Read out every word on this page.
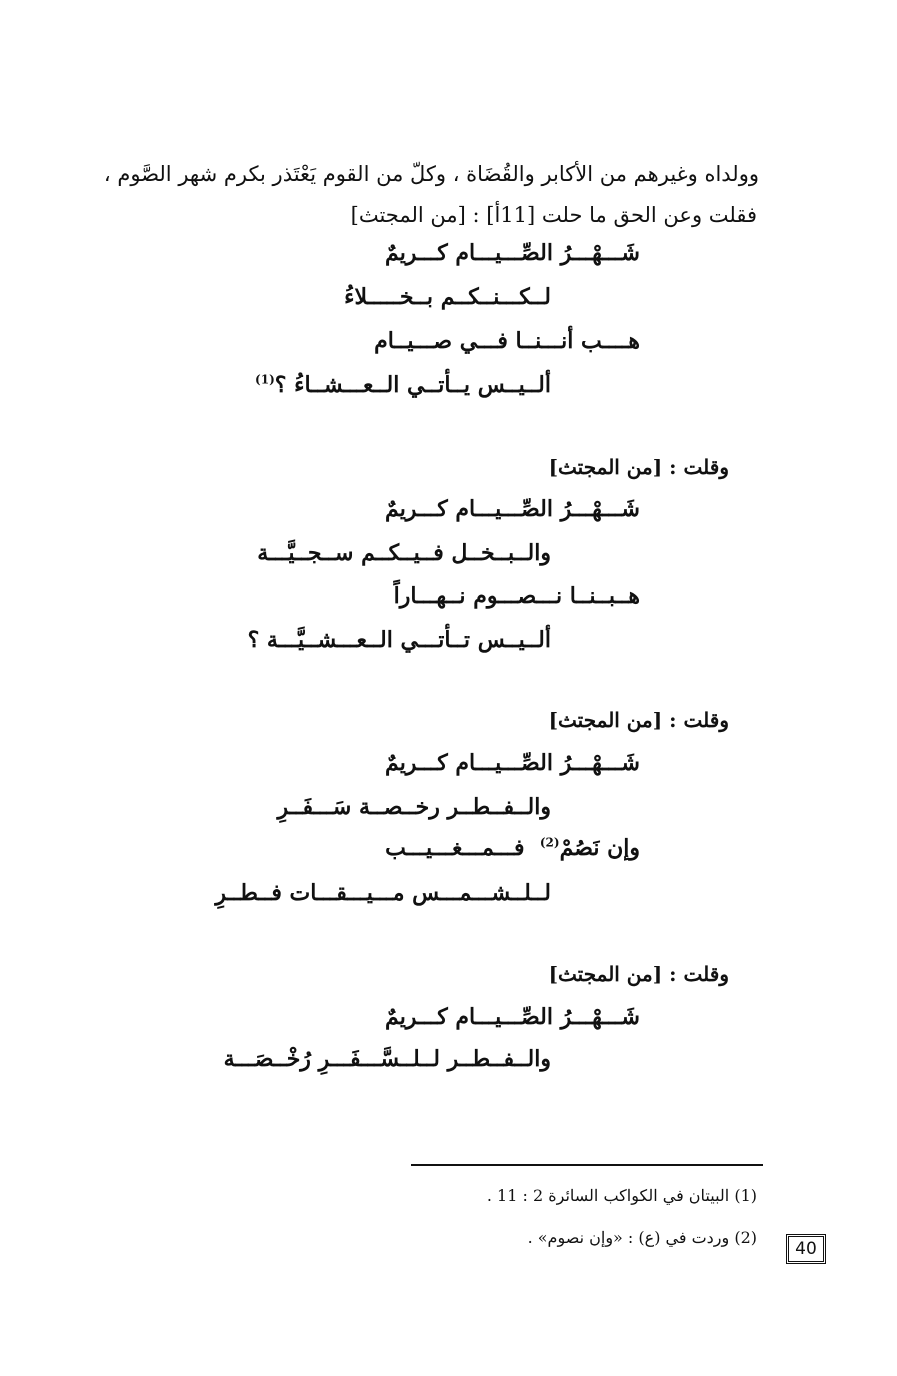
وولداه وغيرهم من الأكابر والقُضَاة ، وكلّ من القوم يَعْتَذر بكرم شهر الصَّوم ،
فقلت وعن الحق ما حلت [11أ] : [من المجتث]
شَـــهْـــرُ الصِّـــيـــام كـــريمٌ
لــكـــنــكــم بــخـــــلاءُ
هــــب أنـــنــا فـــي صـــيــام
ألــيــس يــأتــي الــعـــشــاءُ ؟$^{(1)}$
وقلت : [من المجتث]
شَـــهْـــرُ الصِّـــيـــام كـــريمٌ
والــبــخــل فــيــكــم ســجــيَّـــة
هــبــنــا نـــصـــوم نــهـــاراً
ألــيــس تــأتـــي الــعـــشــيَّـــة ؟
وقلت : [من المجتث]
شَـــهْـــرُ الصِّـــيـــام كـــريمٌ
والــفــطــر رخــصــة سَـــفَــرِ
وإن نَصُمْ$^{(2)}$  فـــمـــغـــيـــب
لــلــشـــمـــس مـــيـــقـــات فــطــرِ
وقلت : [من المجتث]
شَـــهْـــرُ الصِّـــيـــام كـــريمٌ
والــفــطــر لــلــسَّـــفَـــرِ رُخْــصَـــة
(1) البيتان في الكواكب السائرة 2 : 11 .
(2) وردت في (ع) : «وإن نصوم» .
40
